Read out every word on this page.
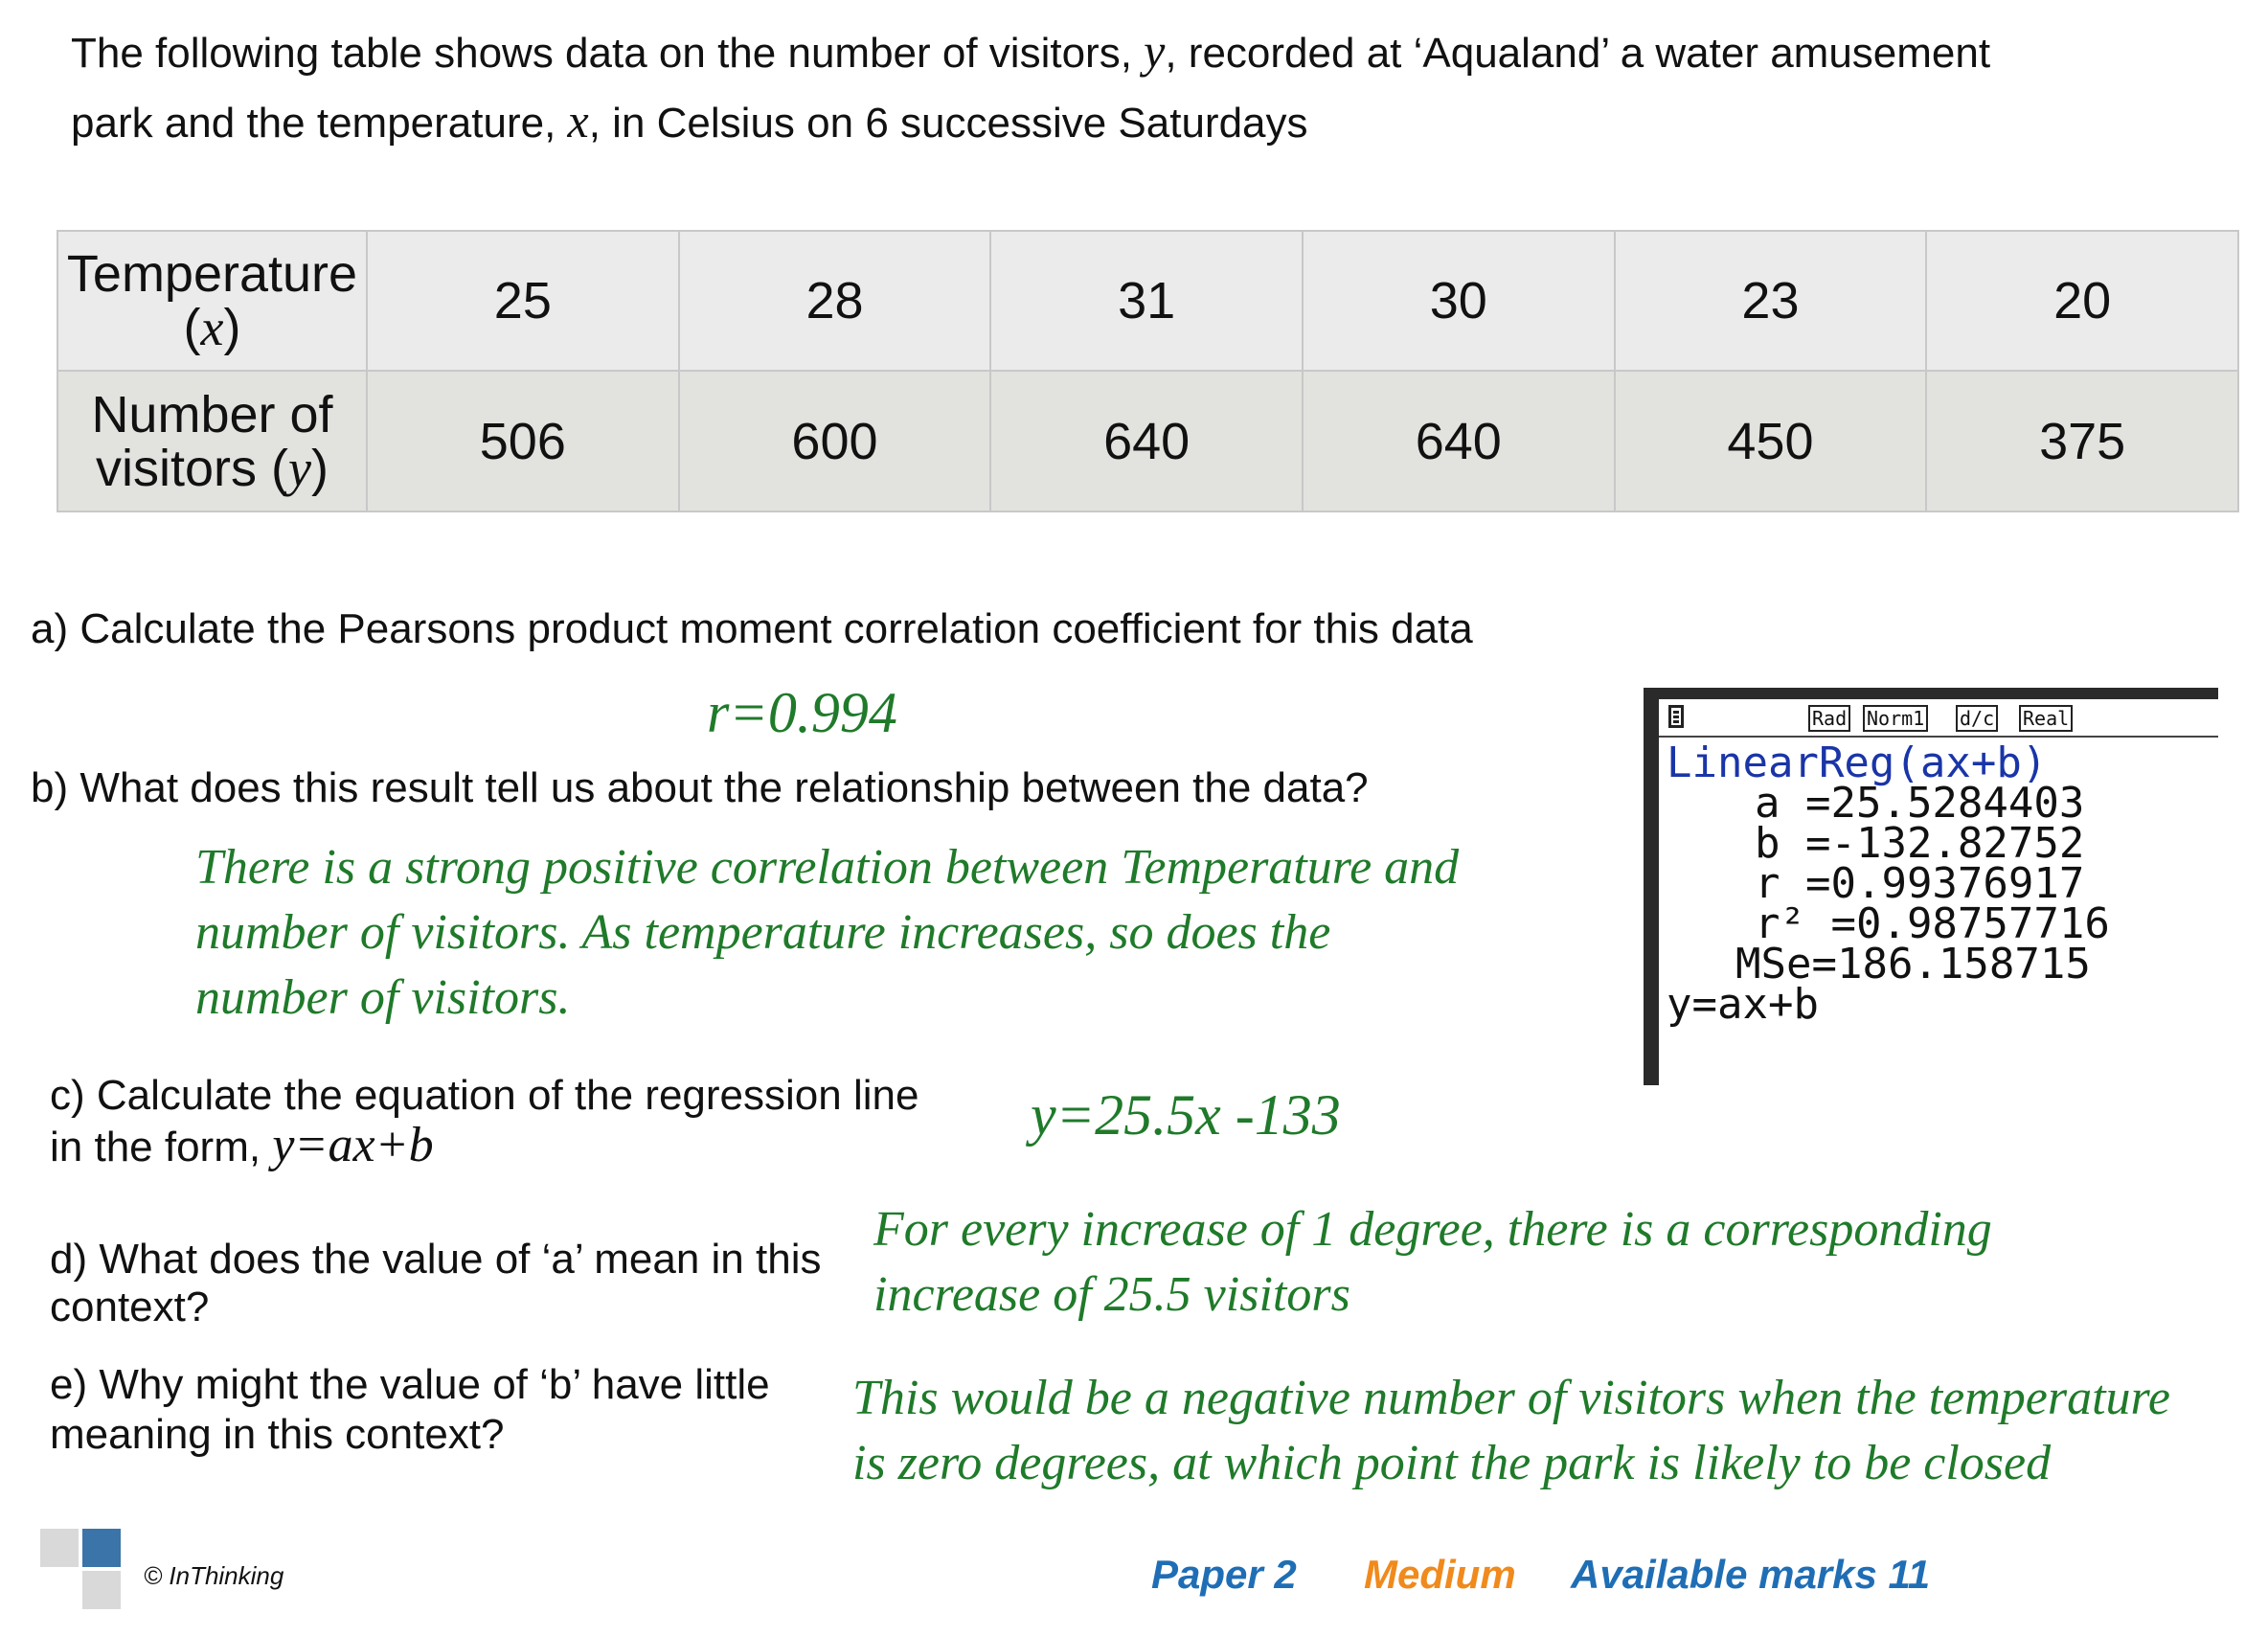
The following table shows data on the number of visitors, y, recorded at ‘Aqualand’ a water amusement
park and the temperature, x, in Celsius on 6 successive Saturdays
Temperature (x)	25	28	31	30	23	20

Number of
visitors (y)	506	600	640	640	450	375
a) Calculate the Pearsons product moment correlation coefficient for this data
r=0.994
b) What does this result tell us about the relationship between the data?
There is a strong positive correlation between Temperature and
number of visitors. As temperature increases, so does the
number of visitors.
c) Calculate the equation of the regression line
in the form, y=ax+b	y=25.5x -133
d) What does the value of ‘a’ mean in this
context?
For every increase of 1 degree, there is a corresponding
increase of 25.5 visitors
e) Why might the value of ‘b’ have little
meaning in this context?
This would be a negative number of visitors when the temperature
is zero degrees, at which point the park is likely to be closed
Rad Norm1 d/c Real
LinearReg(ax+b)
a =25.5284403
b =-132.82752
r =0.99376917
r² =0.98757716
MSe=186.158715
y=ax+b
© InThinking	Paper 2 Medium Available marks 11
